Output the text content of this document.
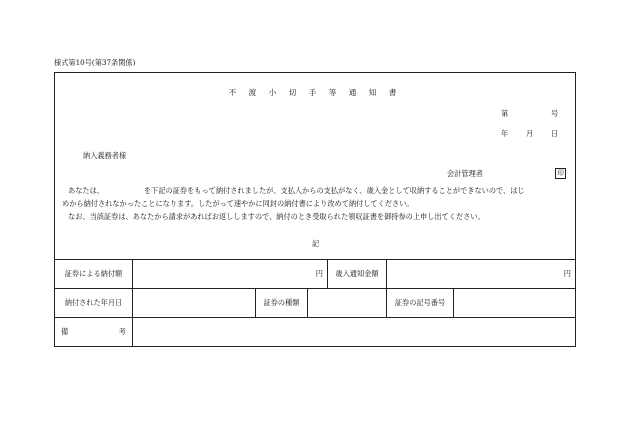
様式第10号(第37条関係)
不 渡 小 切 手 等 通 知 書
第	号
年 月 日
納入義務者様
会計管理者	印
あなたは、	を下記の証券をもって納付されましたが、支払人からの支払がなく、歳入金として収納することができないので、はじ
めから納付されなかったことになります。したがって速やかに同封の納付書により改めて納付してください。
なお、当該証券は、あなたから請求があればお返ししますので、納付のとき受取られた領収証書を御持参の上申し出てください。
記
証券による納付額	円	歳入通知金額	円
納付された年月日	証券の種類	証券の記号番号
備	考
